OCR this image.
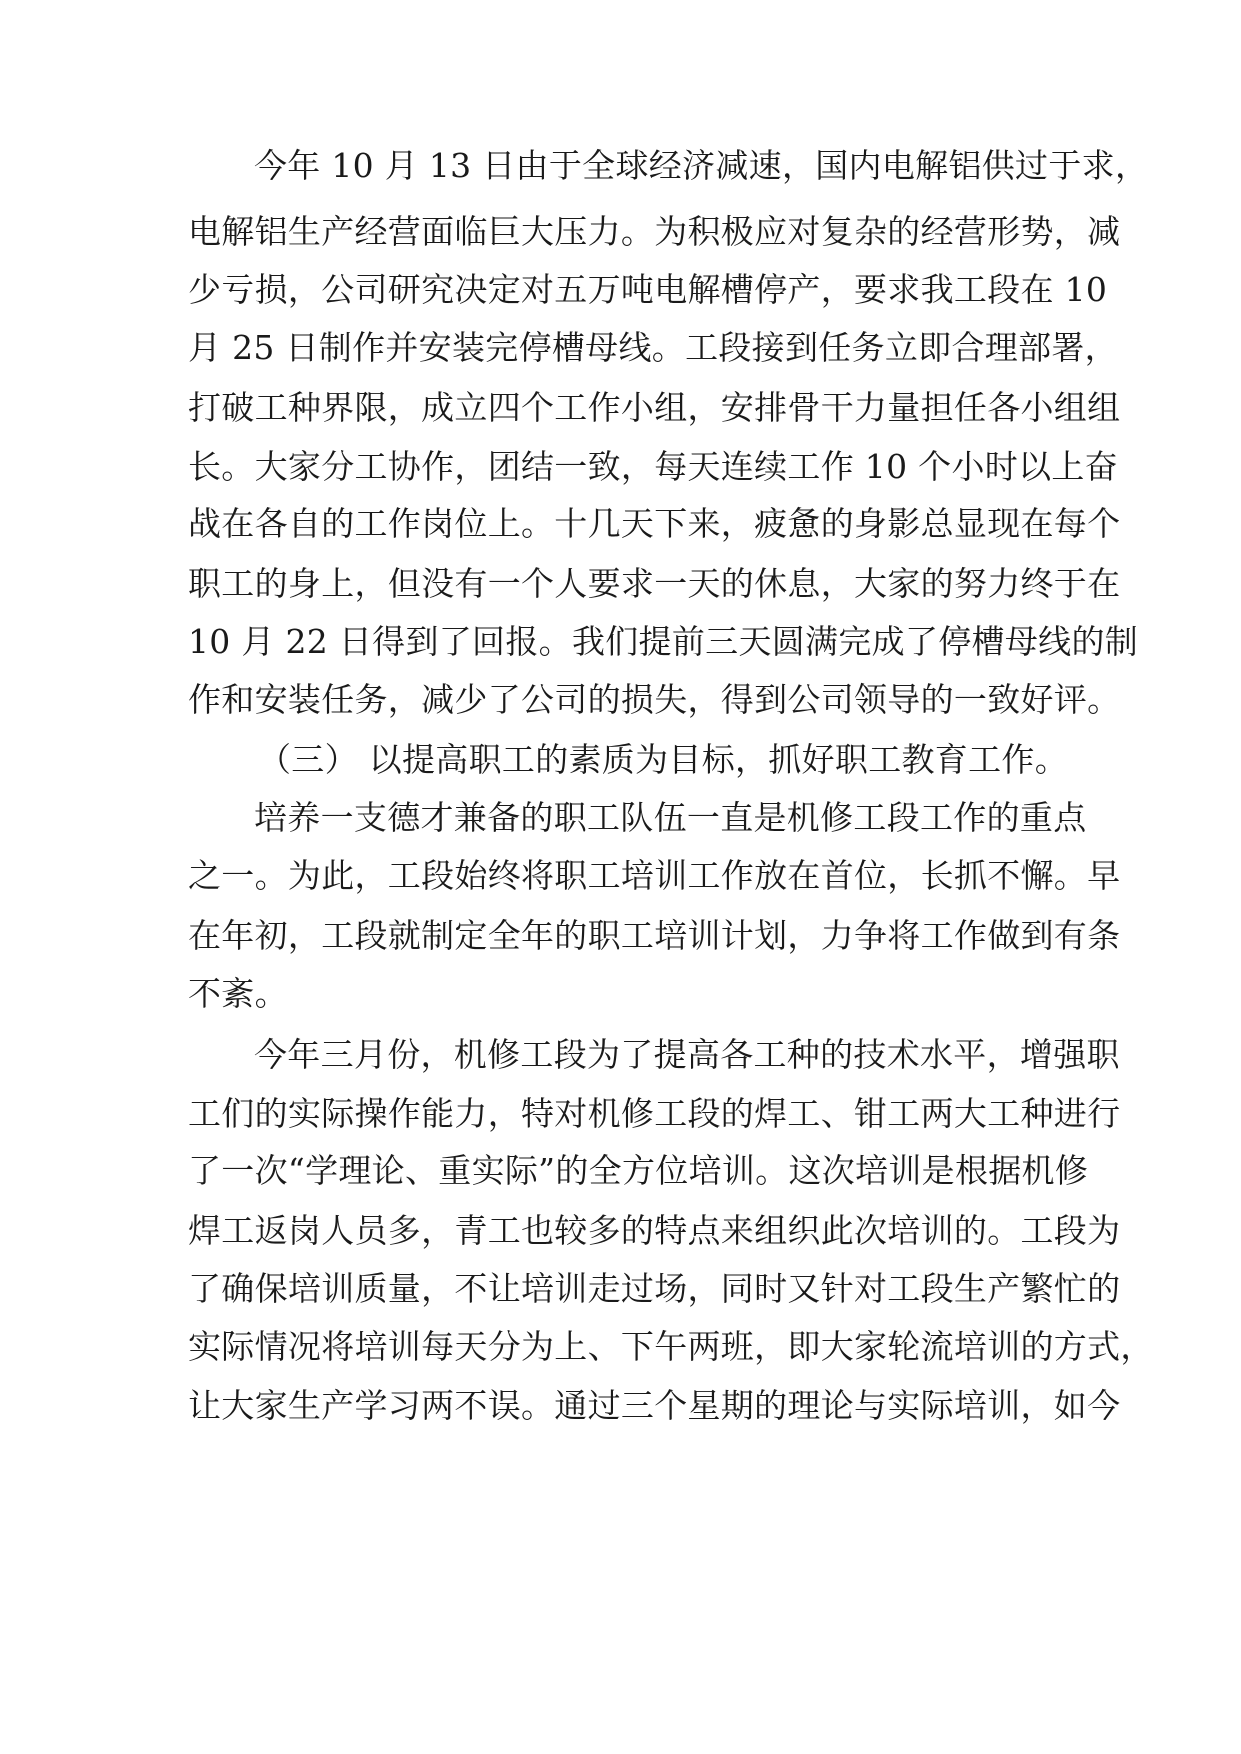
今年 10 月 13 日由于全球经济减速，国内电解铝供过于求，
电解铝生产经营面临巨大压力。为积极应对复杂的经营形势，减
少亏损，公司研究决定对五万吨电解槽停产，要求我工段在 10
月 25 日制作并安装完停槽母线。工段接到任务立即合理部署，
打破工种界限，成立四个工作小组，安排骨干力量担任各小组组
长。大家分工协作，团结一致，每天连续工作 10 个小时以上奋
战在各自的工作岗位上。十几天下来，疲惫的身影总显现在每个
职工的身上，但没有一个人要求一天的休息，大家的努力终于在
10 月 22 日得到了回报。我们提前三天圆满完成了停槽母线的制
作和安装任务，减少了公司的损失，得到公司领导的一致好评。
（三） 以提高职工的素质为目标，抓好职工教育工作。
培养一支德才兼备的职工队伍一直是机修工段工作的重点
之一。为此，工段始终将职工培训工作放在首位，长抓不懈。早
在年初，工段就制定全年的职工培训计划，力争将工作做到有条
不紊。
今年三月份，机修工段为了提高各工种的技术水平，增强职
工们的实际操作能力，特对机修工段的焊工、钳工两大工种进行
了一次“学理论、重实际”的全方位培训。这次培训是根据机修
焊工返岗人员多，青工也较多的特点来组织此次培训的。工段为
了确保培训质量，不让培训走过场，同时又针对工段生产繁忙的
实际情况将培训每天分为上、下午两班，即大家轮流培训的方式，
让大家生产学习两不误。通过三个星期的理论与实际培训，如今
